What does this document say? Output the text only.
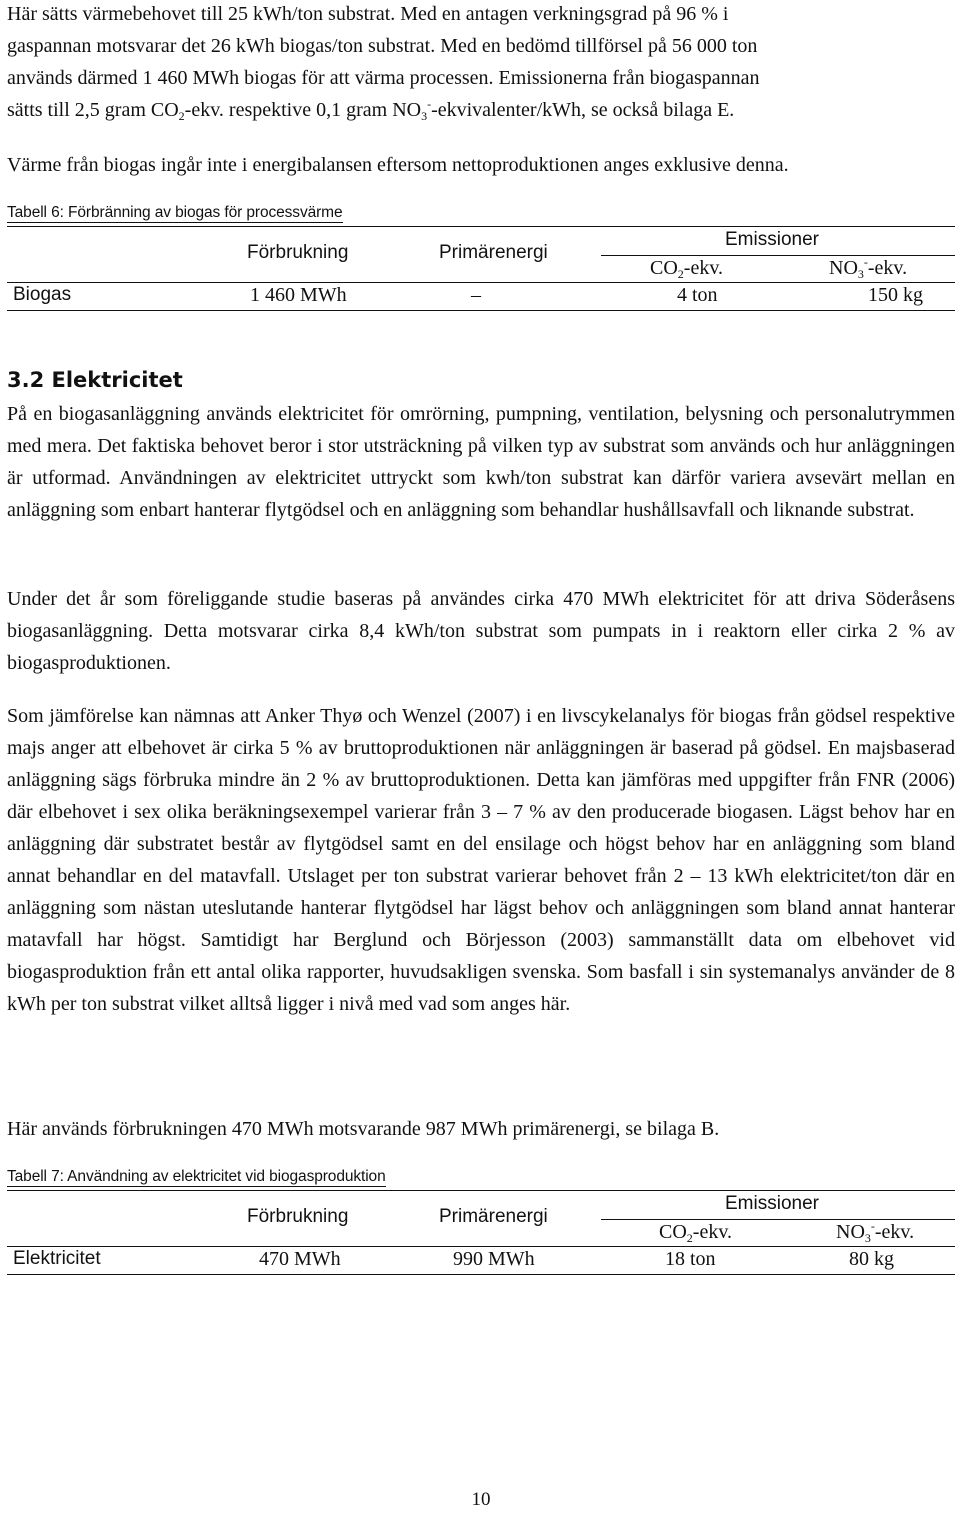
Här sätts värmebehovet till 25 kWh/ton substrat. Med en antagen verkningsgrad på 96 % i

gaspannan motsvarar det 26 kWh biogas/ton substrat. Med en bedömd tillförsel på 56 000 ton

används därmed 1 460 MWh biogas för att värma processen. Emissionerna från biogaspannan

sätts till 2,5 gram $CO_2$-ekv. respektive 0,1 gram $NO_3^--ekvivalenter$/kWh, se också bilaga E.

Värme från biogas ingår inte i energibalansen eftersom nettoproduktionen anges exklusive denna.

Tabell 6: Förbränning av biogas för processvärme
Förbrukning	Primärenergi
Emissioner
$CO_2$-ekv.	$NO_3^-$-ekv.
Biogas	1 460 MWh	–	4 ton	150 kg
3.2 Elektricitet

På en biogasanläggning används elektricitet för omrörning, pumpning, ventilation, belysning och personalutrymmen med mera. Det faktiska behovet beror i stor utsträckning på vilken typ av substrat som används och hur anläggningen är utformad. Användningen av elektricitet uttryckt som kwh/ton substrat kan därför variera avsevärt mellan en anläggning som enbart hanterar flytgödsel och en anläggning som behandlar hushållsavfall och liknande substrat.

Under det år som föreliggande studie baseras på användes cirka 470 MWh elektricitet för att driva Söderåsens biogasanläggning. Detta motsvarar cirka 8,4 kWh/ton substrat som pumpats in i reaktorn eller cirka 2 % av biogasproduktionen.

Som jämförelse kan nämnas att Anker Thyø och Wenzel (2007) i en livscykelanalys för biogas från gödsel respektive majs anger att elbehovet är cirka 5 % av bruttoproduktionen när anläggningen är baserad på gödsel. En majsbaserad anläggning sägs förbruka mindre än 2 % av bruttoproduktionen. Detta kan jämföras med uppgifter från FNR (2006) där elbehovet i sex olika beräkningsexempel varierar från 3 – 7 % av den producerade biogasen. Lägst behov har en anläggning där substratet består av flytgödsel samt en del ensilage och högst behov har en anläggning som bland annat behandlar en del matavfall. Utslaget per ton substrat varierar behovet från 2 – 13 kWh elektricitet/ton där en anläggning som nästan uteslutande hanterar flytgödsel har lägst behov och anläggningen som bland annat hanterar matavfall har högst. Samtidigt har Berglund och Börjesson (2003) sammanställt data om elbehovet vid biogasproduktion från ett antal olika rapporter, huvudsakligen svenska. Som basfall i sin systemanalys använder de 8 kWh per ton substrat vilket alltså ligger i nivå med vad som anges här.

Här används förbrukningen 470 MWh motsvarande 987 MWh primärenergi, se bilaga B.

Tabell 7: Användning av elektricitet vid biogasproduktion
Förbrukning	Primärenergi
Emissioner
$CO_2$-ekv.	$NO_3^-$-ekv.
Elektricitet	470 MWh	990 MWh	18 ton	80 kg
10
